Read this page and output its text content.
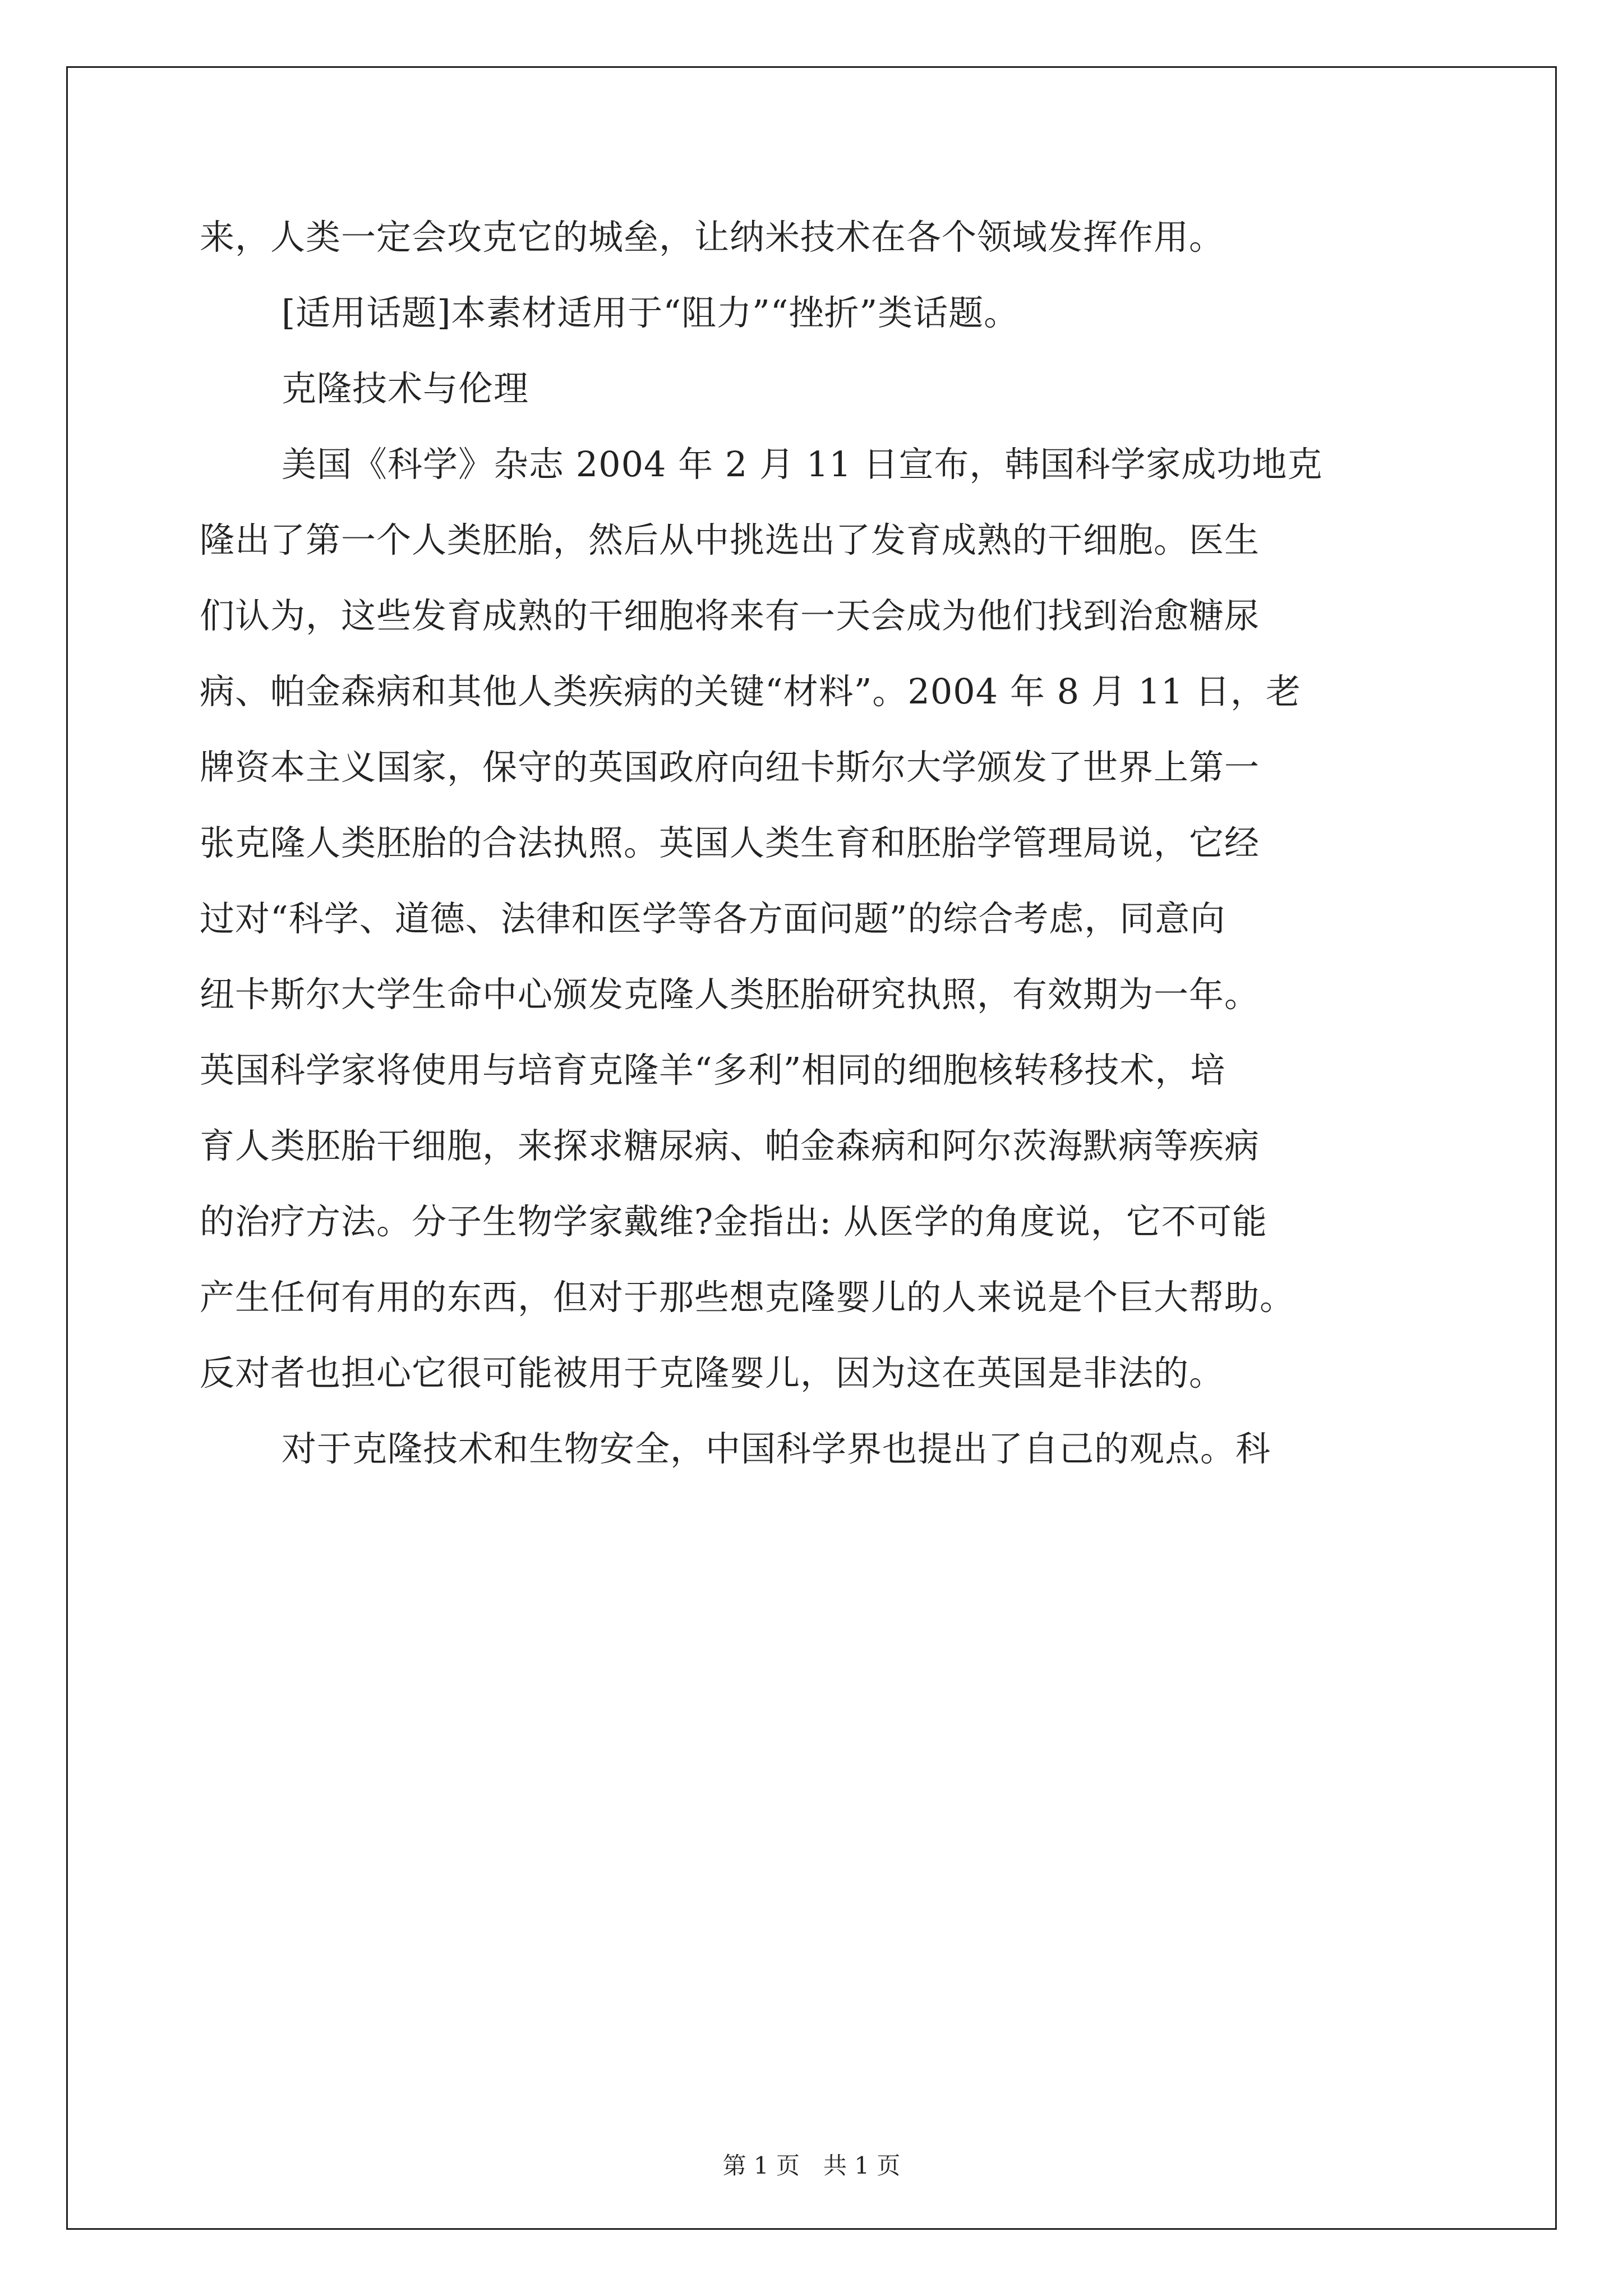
来，人类一定会攻克它的城垒，让纳米技术在各个领域发挥作用。

[适用话题]本素材适用于“阻力”“挫折”类话题。

克隆技术与伦理

美国《科学》杂志 2004 年 2 月 11 日宣布，韩国科学家成功地克
隆出了第一个人类胚胎，然后从中挑选出了发育成熟的干细胞。医生
们认为，这些发育成熟的干细胞将来有一天会成为他们找到治愈糖尿
病、帕金森病和其他人类疾病的关键“材料”。2004 年 8 月 11 日，老
牌资本主义国家，保守的英国政府向纽卡斯尔大学颁发了世界上第一
张克隆人类胚胎的合法执照。英国人类生育和胚胎学管理局说，它经
过对“科学、道德、法律和医学等各方面问题”的综合考虑，同意向
纽卡斯尔大学生命中心颁发克隆人类胚胎研究执照，有效期为一年。
英国科学家将使用与培育克隆羊“多利”相同的细胞核转移技术，培
育人类胚胎干细胞，来探求糖尿病、帕金森病和阿尔茨海默病等疾病
的治疗方法。分子生物学家戴维?金指出: 从医学的角度说，它不可能
产生任何有用的东西，但对于那些想克隆婴儿的人来说是个巨大帮助。
反对者也担心它很可能被用于克隆婴儿，因为这在英国是非法的。

对于克隆技术和生物安全，中国科学界也提出了自己的观点。科

第 1 页　共 1 页
